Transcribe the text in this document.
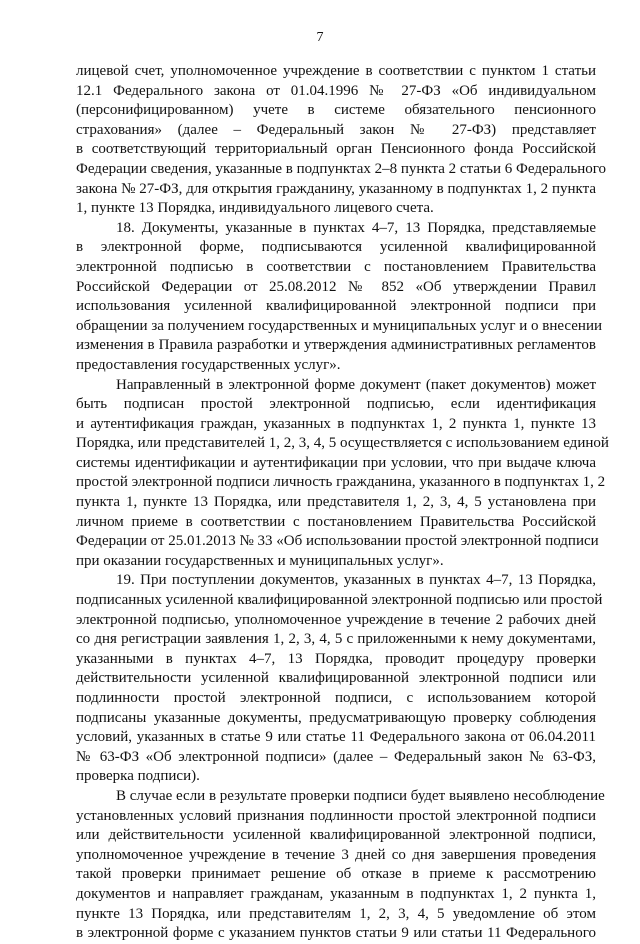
7
лицевой счет, уполномоченное учреждение в соответствии с пунктом 1 статьи
12.1 Федерального закона от 01.04.1996 № 27-ФЗ «Об индивидуальном
(персонифицированном) учете в системе обязательного пенсионного
страхования» (далее – Федеральный закон № 27-ФЗ) представляет
в соответствующий территориальный орган Пенсионного фонда Российской
Федерации сведения, указанные в подпунктах 2–8 пункта 2 статьи 6 Федерального
закона № 27-ФЗ, для открытия гражданину, указанному в подпунктах 1, 2 пункта
1, пункте 13 Порядка, индивидуального лицевого счета.
18. Документы, указанные в пунктах 4–7, 13 Порядка, представляемые
в электронной форме, подписываются усиленной квалифицированной
электронной подписью в соответствии с постановлением Правительства
Российской Федерации от 25.08.2012 № 852 «Об утверждении Правил
использования усиленной квалифицированной электронной подписи при
обращении за получением государственных и муниципальных услуг и о внесении
изменения в Правила разработки и утверждения административных регламентов
предоставления государственных услуг».
Направленный в электронной форме документ (пакет документов) может
быть подписан простой электронной подписью, если идентификация
и аутентификация граждан, указанных в подпунктах 1, 2 пункта 1, пункте 13
Порядка, или представителей 1, 2, 3, 4, 5 осуществляется с использованием единой
системы идентификации и аутентификации при условии, что при выдаче ключа
простой электронной подписи личность гражданина, указанного в подпунктах 1, 2
пункта 1, пункте 13 Порядка, или представителя 1, 2, 3, 4, 5 установлена при
личном приеме в соответствии с постановлением Правительства Российской
Федерации от 25.01.2013 № 33 «Об использовании простой электронной подписи
при оказании государственных и муниципальных услуг».
19. При поступлении документов, указанных в пунктах 4–7, 13 Порядка,
подписанных усиленной квалифицированной электронной подписью или простой
электронной подписью, уполномоченное учреждение в течение 2 рабочих дней
со дня регистрации заявления 1, 2, 3, 4, 5 с приложенными к нему документами,
указанными в пунктах 4–7, 13 Порядка, проводит процедуру проверки
действительности усиленной квалифицированной электронной подписи или
подлинности простой электронной подписи, с использованием которой
подписаны указанные документы, предусматривающую проверку соблюдения
условий, указанных в статье 9 или статье 11 Федерального закона от 06.04.2011
№ 63-ФЗ «Об электронной подписи» (далее – Федеральный закон № 63-ФЗ,
проверка подписи).
В случае если в результате проверки подписи будет выявлено несоблюдение
установленных условий признания подлинности простой электронной подписи
или действительности усиленной квалифицированной электронной подписи,
уполномоченное учреждение в течение 3 дней со дня завершения проведения
такой проверки принимает решение об отказе в приеме к рассмотрению
документов и направляет гражданам, указанным в подпунктах 1, 2 пункта 1,
пункте 13 Порядка, или представителям 1, 2, 3, 4, 5 уведомление об этом
в электронной форме с указанием пунктов статьи 9 или статьи 11 Федерального
